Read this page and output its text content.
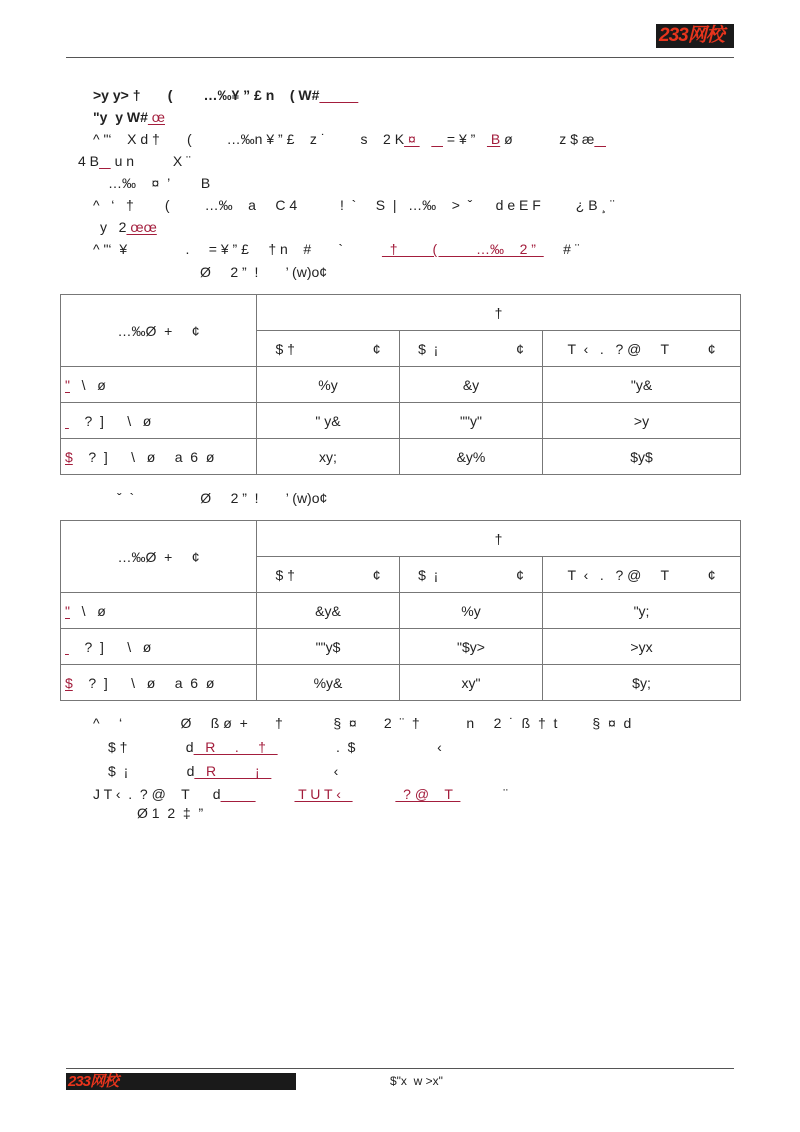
233网校
>y y> †       (        …‰¥ ” £ n    ( W#
"y  y W# œ
^ "‘    X d †       (         …‰n ¥ ” £    z ˙         s    2 K ¤        = ¥ ”    B ø            z $ æ
4 B    u n          X ¨
…‰    ¤  ’        B
^   ‘   †        (         …‰    a     C 4           !  `     S  |   …‰    >  ˇ      d e E F         ¿ B ¸ ¨
y   2 œœ
^ "‘  ¥               .     = ¥ ” £     † n    #       `            †         (          …‰    2 ”       # ¨
Ø     2 ”  !       ’ (w)o¢
…‰Ø  +     ¢	†		
	$ †                    ¢	$  ¡                    ¢	T  ‹   .   ? @     T          ¢
"   \   ø	%y	&y	"y&
?  ]      \   ø	" y&	""y"	>y
$    ?  ]      \   ø     a  6  ø	xy;	&y%	$y$
ˇ  `                 Ø     2 ”  !       ’ (w)o¢
…‰Ø  +     ¢	†		
	$ †                    ¢	$  ¡                    ¢	T  ‹   .   ? @     T          ¢
"   \   ø	&y&	%y	"y;
?  ]      \   ø	""y$	"$y>	>yx
$    ?  ]      \   ø     a  6  ø	%y&	xy"	$y;
^     ‘               Ø     ß ø  +       †             §  ¤       2  ¨  †            n     2  ˙  ß  †  t         §  ¤  d
$ †               d   R     .     †                  .  $                     ‹
$  ¡               d   R          ¡                   ‹
J T ‹  .  ? @    T      d	T U T ‹	? @    T             ¨
Ø 1  2  ‡  ”
233网校	$"x  w >x"
